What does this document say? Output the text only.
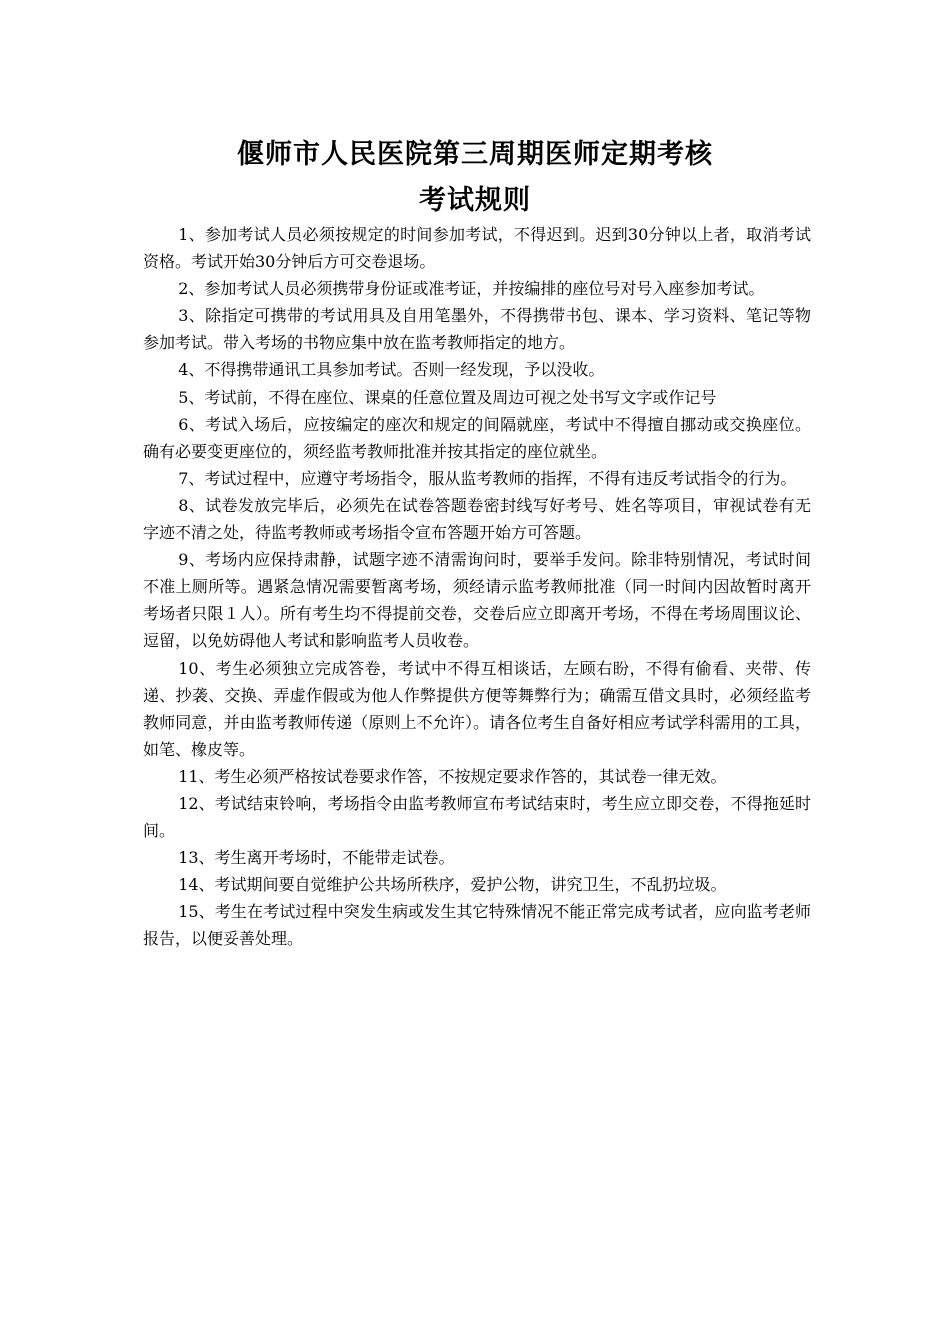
偃师市人民医院第三周期医师定期考核
考试规则

1、参加考试人员必须按规定的时间参加考试，不得迟到。迟到30分钟以上者，取消考试资格。考试开始30分钟后方可交卷退场。

2、参加考试人员必须携带身份证或准考证，并按编排的座位号对号入座参加考试。

3、除指定可携带的考试用具及自用笔墨外，不得携带书包、课本、学习资料、笔记等物参加考试。带入考场的书物应集中放在监考教师指定的地方。

4、不得携带通讯工具参加考试。否则一经发现，予以没收。

5、考试前，不得在座位、课桌的任意位置及周边可视之处书写文字或作记号

6、考试入场后，应按编定的座次和规定的间隔就座，考试中不得擅自挪动或交换座位。确有必要变更座位的，须经监考教师批准并按其指定的座位就坐。

7、考试过程中，应遵守考场指令，服从监考教师的指挥，不得有违反考试指令的行为。

8、试卷发放完毕后，必须先在试卷答题卷密封线写好考号、姓名等项目，审视试卷有无字迹不清之处，待监考教师或考场指令宣布答题开始方可答题。

9、考场内应保持肃静，试题字迹不清需询问时，要举手发问。除非特别情况，考试时间不准上厕所等。遇紧急情况需要暂离考场，须经请示监考教师批准（同一时间内因故暂时离开考场者只限１人）。所有考生均不得提前交卷，交卷后应立即离开考场，不得在考场周围议论、逗留，以免妨碍他人考试和影响监考人员收卷。

10、考生必须独立完成答卷，考试中不得互相谈话，左顾右盼，不得有偷看、夹带、传递、抄袭、交换、弄虚作假或为他人作弊提供方便等舞弊行为；确需互借文具时，必须经监考教师同意，并由监考教师传递（原则上不允许）。请各位考生自备好相应考试学科需用的工具，如笔、橡皮等。

11、考生必须严格按试卷要求作答，不按规定要求作答的，其试卷一律无效。

12、考试结束铃响，考场指令由监考教师宣布考试结束时，考生应立即交卷，不得拖延时间。

13、考生离开考场时，不能带走试卷。

14、考试期间要自觉维护公共场所秩序，爱护公物，讲究卫生，不乱扔垃圾。

15、考生在考试过程中突发生病或发生其它特殊情况不能正常完成考试者，应向监考老师报告，以便妥善处理。
